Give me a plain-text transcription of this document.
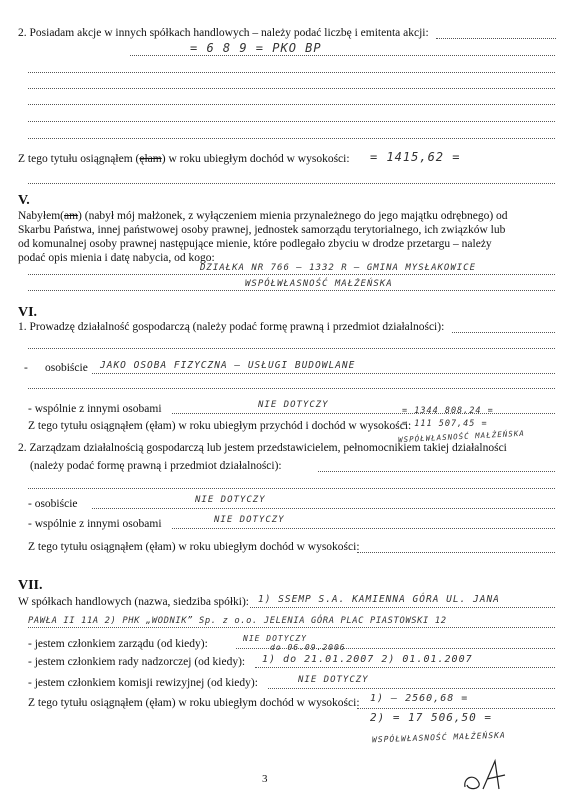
2. Posiadam akcje w innych spółkach handlowych – należy podać liczbę i emitenta akcji:
= 6 8 9 = PKO BP
Z tego tytułu osiągnąłem (ęłam) w roku ubiegłym dochód w wysokości: = 1415,62 =
V.
Nabyłem(am) (nabył mój małżonek, z wyłączeniem mienia przynależnego do jego majątku odrębnego) od
Skarbu Państwa, innej państwowej osoby prawnej, jednostek samorządu terytorialnego, ich związków lub
od komunalnej osoby prawnej następujące mienie, które podlegało zbyciu w drodze przetargu – należy
podać opis mienia i datę nabycia, od kogo:
DZIAŁKA NR 766 – 1332 R – GMINA MYSŁAKOWICE
WSPÓŁWŁASNOŚĆ MAŁŻEŃSKA
VI.
1. Prowadzę działalność gospodarczą (należy podać formę prawną i przedmiot działalności):
- osobiście JAKO OSOBA FIZYCZNA – USŁUGI BUDOWLANE
- wspólnie z innymi osobami	NIE DOTYCZY
= 1344 808,24 =
Z tego tytułu osiągnąłem (ęłam) w roku ubiegłym przychód i dochód w wysokości:
= 111 507,45 =
WSPÓŁWŁASNOŚĆ MAŁŻEŃSKA
2. Zarządzam działalnością gospodarczą lub jestem przedstawicielem, pełnomocnikiem takiej działalności
(należy podać formę prawną i przedmiot działalności):
- osobiście	NIE DOTYCZY
- wspólnie z innymi osobami	NIE DOTYCZY
Z tego tytułu osiągnąłem (ęłam) w roku ubiegłym dochód w wysokości:
VII.
W spółkach handlowych (nazwa, siedziba spółki): 1) SSEMP S.A. KAMIENNA GÓRA UL. JANA
PAWŁA II 11A 2) PHK „WODNIK” Sp. z o.o. JELENIA GÓRA PLAC PIASTOWSKI 12
- jestem członkiem zarządu (od kiedy):	NIE DOTYCZY
do 06.09.2006
- jestem członkiem rady nadzorczej (od kiedy): 1) do 21.01.2007 2) 01.01.2007
- jestem członkiem komisji rewizyjnej (od kiedy):	NIE DOTYCZY
Z tego tytułu osiągnąłem (ęłam) w roku ubiegłym dochód w wysokości: 1) – 2560,68 =
2) = 17 506,50 =
WSPÓŁWŁASNOŚĆ MAŁŻEŃSKA
3
